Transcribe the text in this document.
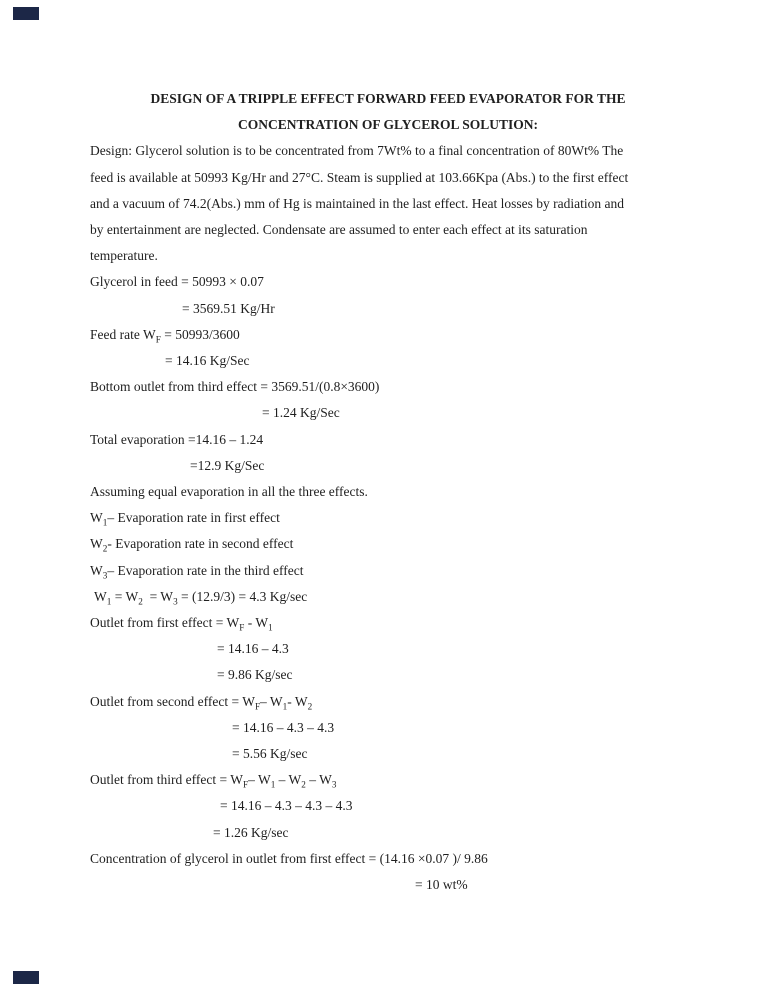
DESIGN OF A TRIPPLE EFFECT FORWARD FEED EVAPORATOR FOR THE
CONCENTRATION OF GLYCEROL SOLUTION:
Design: Glycerol solution is to be concentrated from 7Wt% to a final concentration of 80Wt% The
feed is available at 50993 Kg/Hr and 27°C. Steam is supplied at 103.66Kpa (Abs.) to the first effect
and a vacuum of 74.2(Abs.) mm of Hg is maintained in the last effect. Heat losses by radiation and
by entertainment are neglected. Condensate are assumed to enter each effect at its saturation
temperature.
Glycerol in feed = 50993 × 0.07
= 3569.51 Kg/Hr
Feed rate $W_F = 50993/3600$
= 14.16 Kg/Sec
Bottom outlet from third effect = 3569.51/(0.8×3600)
= 1.24 Kg/Sec
Total evaporation =14.16 – 1.24
=12.9 Kg/Sec
Assuming equal evaporation in all the three effects.
$W_1-$ Evaporation rate in first effect
$W_2-$ Evaporation rate in second effect
$W_3-$ Evaporation rate in the third effect
$W_1 = W_2 = W_3 = (12.9/3) = 4.3$ Kg/sec
Outlet from first effect = $W_F - W_1$
= 14.16 – 4.3
= 9.86 Kg/sec
Outlet from second effect = $W_F-$ $W_1-$ $W_2$
= 14.16 – 4.3 – 4.3
= 5.56 Kg/sec
Outlet from third effect = $W_F-$ $W_1 - W_2 - W_3$
= 14.16 – 4.3 – 4.3 – 4.3
= 1.26 Kg/sec
Concentration of glycerol in outlet from first effect = (14.16 ×0.07 )/ 9.86
= 10 wt%
